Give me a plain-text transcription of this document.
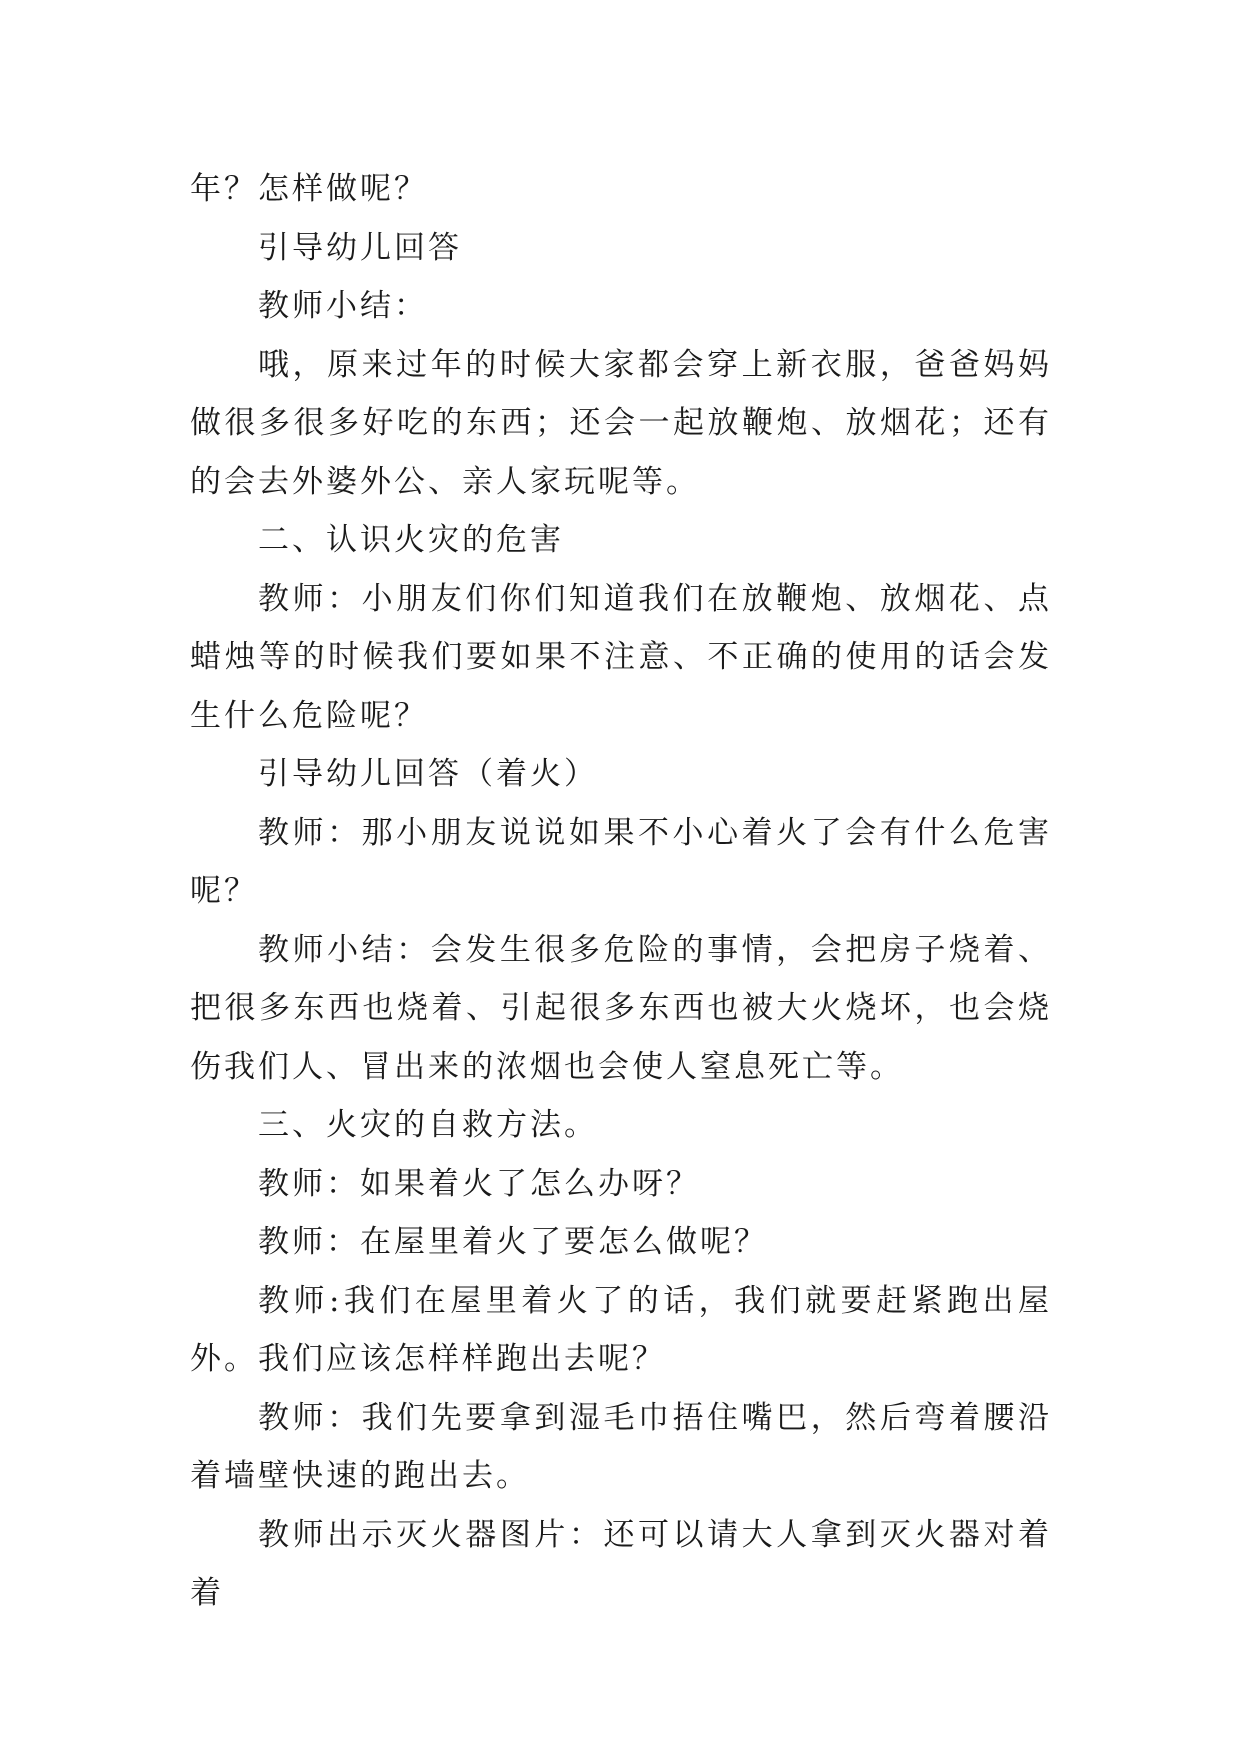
年？怎样做呢？

引导幼儿回答

教师小结：

哦，原来过年的时候大家都会穿上新衣服，爸爸妈妈做很多很多好吃的东西；还会一起放鞭炮、放烟花；还有的会去外婆外公、亲人家玩呢等。

二、认识火灾的危害

教师：小朋友们你们知道我们在放鞭炮、放烟花、点蜡烛等的时候我们要如果不注意、不正确的使用的话会发生什么危险呢？

引导幼儿回答（着火）

教师：那小朋友说说如果不小心着火了会有什么危害呢？

教师小结：会发生很多危险的事情，会把房子烧着、把很多东西也烧着、引起很多东西也被大火烧坏，也会烧伤我们人、冒出来的浓烟也会使人窒息死亡等。

三、火灾的自救方法。

教师：如果着火了怎么办呀？

教师：在屋里着火了要怎么做呢？

教师:我们在屋里着火了的话，我们就要赶紧跑出屋外。我们应该怎样样跑出去呢？

教师：我们先要拿到湿毛巾捂住嘴巴，然后弯着腰沿着墙壁快速的跑出去。

教师出示灭火器图片：还可以请大人拿到灭火器对着着
